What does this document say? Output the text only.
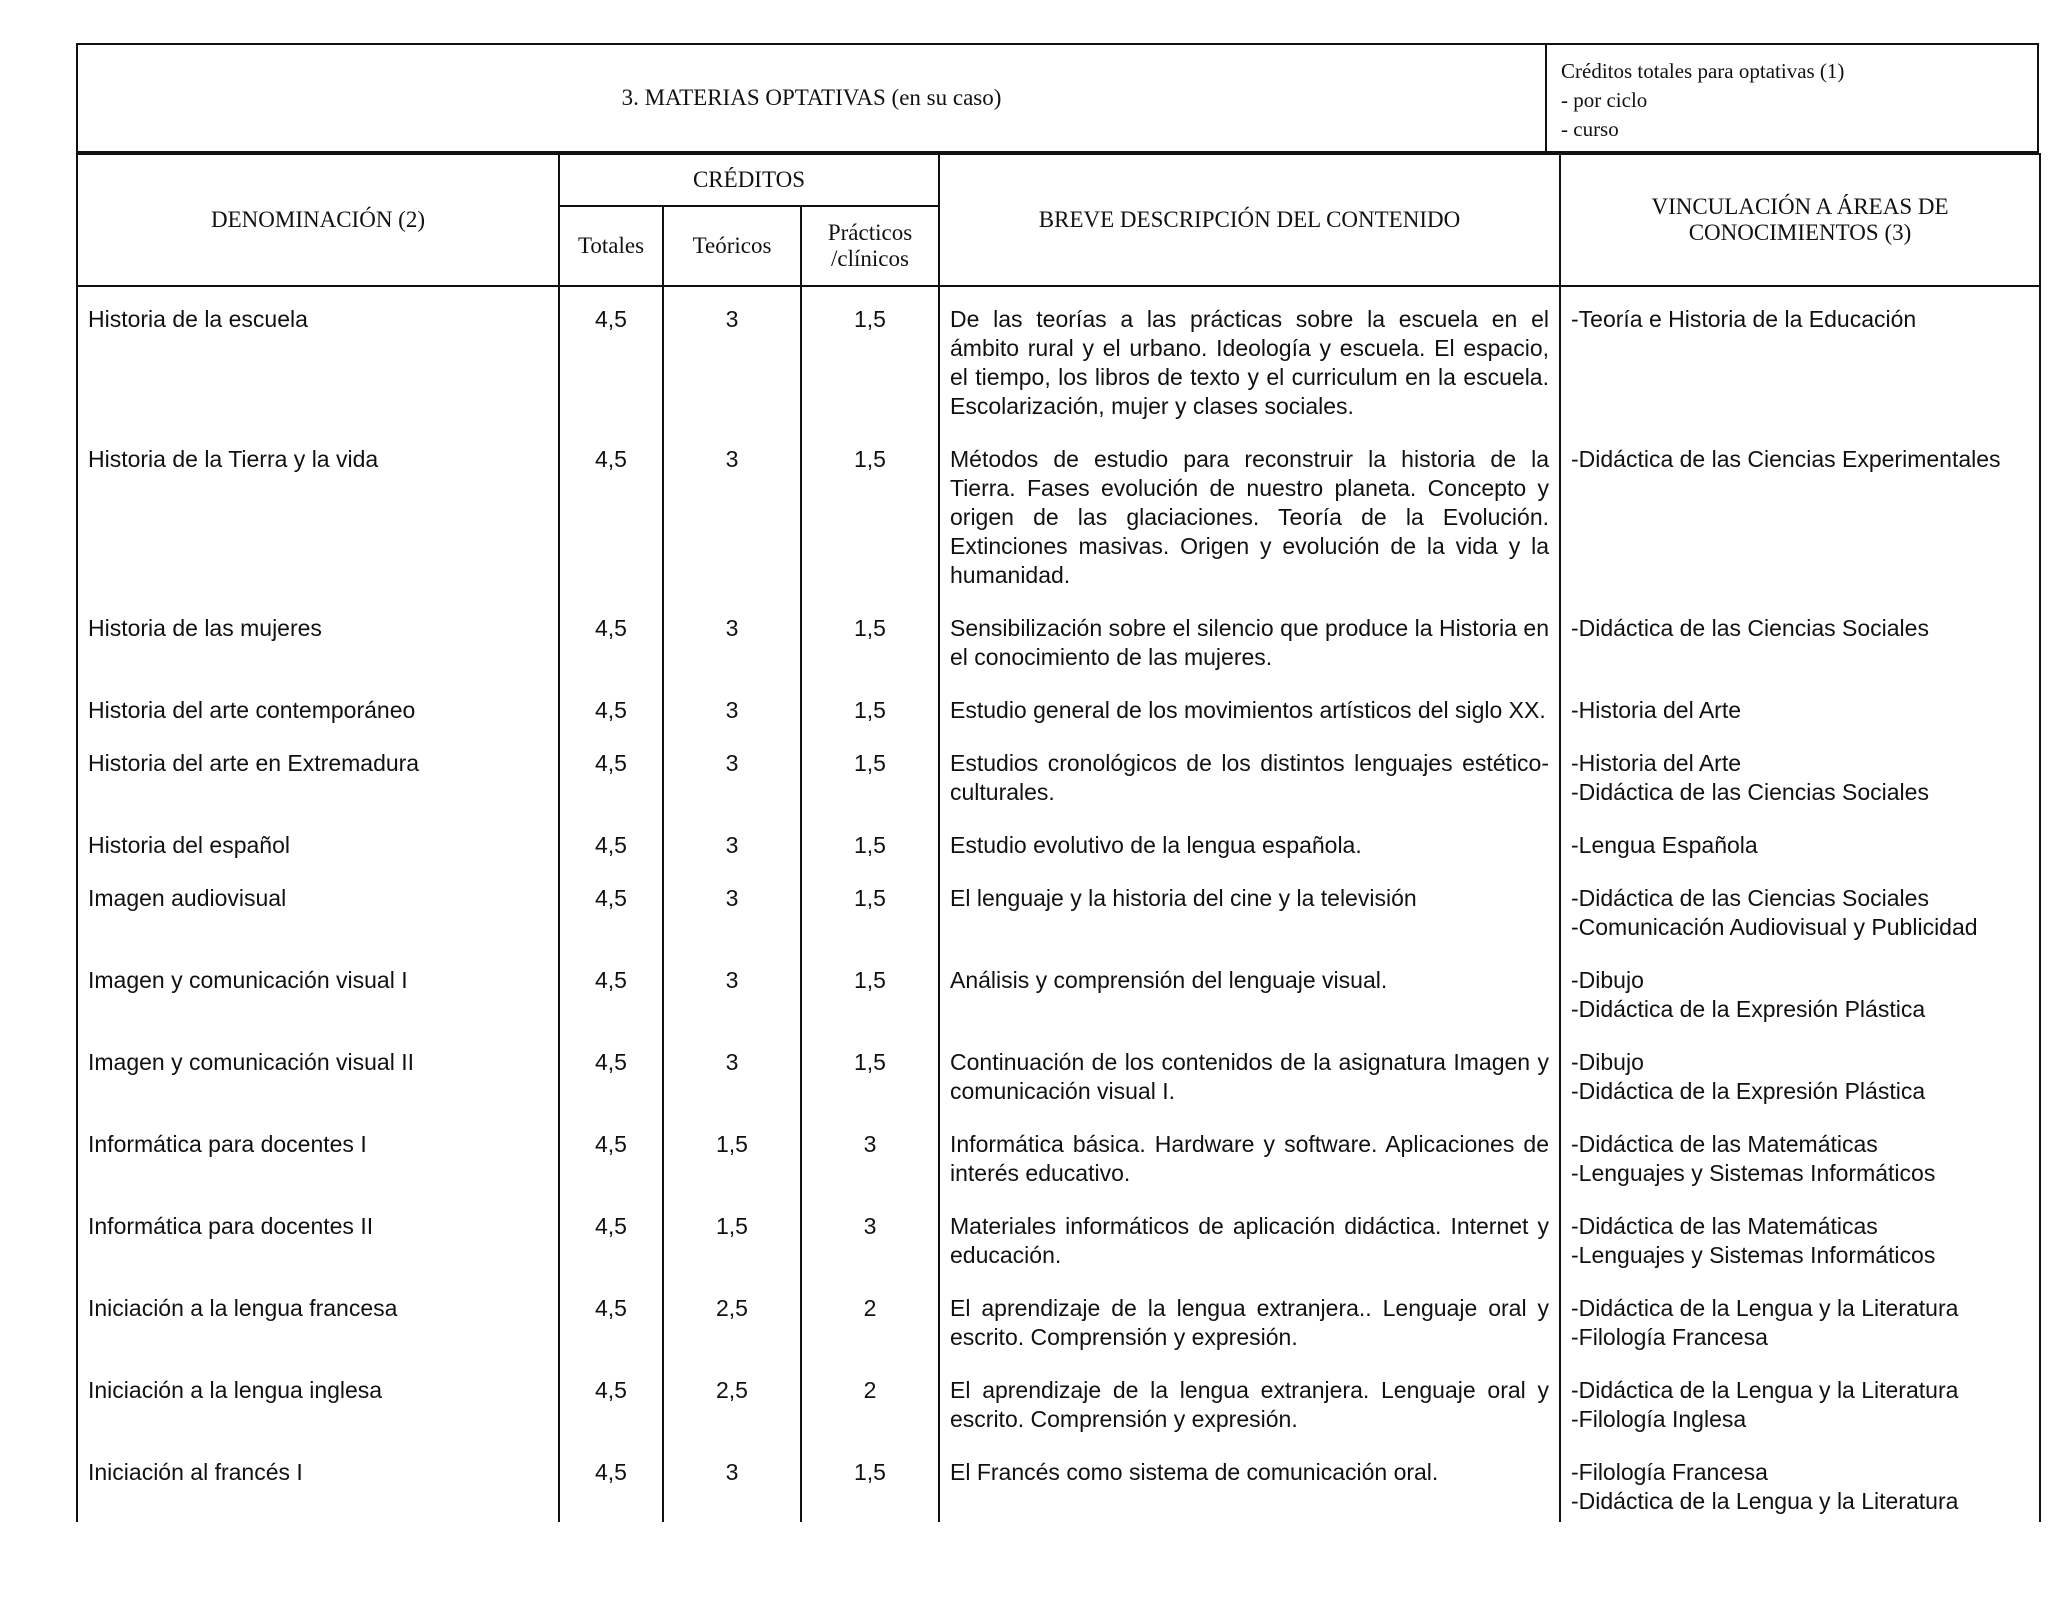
3. MATERIAS OPTATIVAS (en su caso)
Créditos totales para optativas (1)
- por ciclo
- curso
DENOMINACIÓN (2)	CRÉDITOS			BREVE DESCRIPCIÓN DEL CONTENIDO	VINCULACIÓN A ÁREAS DE CONOCIMIENTOS (3)
	Totales	Teóricos	Prácticos /clínicos		
Historia de la escuela	4,5	3	1,5	De las teorías a las prácticas sobre la escuela en el ámbito rural y el urbano. Ideología y escuela. El espacio, el tiempo, los libros de texto y el curriculum en la escuela. Escolarización, mujer y clases sociales.	-Teoría e Historia de la Educación

Historia de la Tierra y la vida	4,5	3	1,5	Métodos de estudio para reconstruir la historia de la Tierra. Fases evolución de nuestro planeta. Concepto y origen de las glaciaciones. Teoría de la Evolución. Extinciones masivas. Origen y evolución de la vida y la humanidad.	-Didáctica de las Ciencias Experimentales

Historia de las mujeres	4,5	3	1,5	Sensibilización sobre el silencio que produce la Historia en el conocimiento de las mujeres.	-Didáctica de las Ciencias Sociales

Historia del arte contemporáneo	4,5	3	1,5	Estudio general de los movimientos artísticos del siglo XX.	-Historia del Arte

Historia del arte en Extremadura	4,5	3	1,5	Estudios cronológicos de los distintos lenguajes estético-culturales.	-Historia del Arte
-Didáctica de las Ciencias Sociales

Historia del español	4,5	3	1,5	Estudio evolutivo de la lengua española.	-Lengua Española

Imagen audiovisual	4,5	3	1,5	El lenguaje y la historia del cine y la televisión	-Didáctica de las Ciencias Sociales
-Comunicación Audiovisual y Publicidad

Imagen y comunicación visual I	4,5	3	1,5	Análisis y comprensión del lenguaje visual.	-Dibujo
-Didáctica de la Expresión Plástica

Imagen y comunicación visual II	4,5	3	1,5	Continuación de los contenidos de la asignatura Imagen y comunicación visual I.	-Dibujo
-Didáctica de la Expresión Plástica

Informática para docentes I	4,5	1,5	3	Informática básica. Hardware y software. Aplicaciones de interés educativo.	-Didáctica de las Matemáticas
-Lenguajes y Sistemas Informáticos

Informática para docentes II	4,5	1,5	3	Materiales informáticos de aplicación didáctica. Internet y educación.	-Didáctica de las Matemáticas
-Lenguajes y Sistemas Informáticos

Iniciación a la lengua francesa	4,5	2,5	2	El aprendizaje de la lengua extranjera.. Lenguaje oral y escrito. Comprensión y expresión.	-Didáctica de la Lengua y la Literatura
-Filología Francesa

Iniciación a la lengua inglesa	4,5	2,5	2	El aprendizaje de la lengua extranjera. Lenguaje oral y escrito. Comprensión y expresión.	-Didáctica de la Lengua y la Literatura
-Filología Inglesa

Iniciación al francés I	4,5	3	1,5	El Francés como sistema de comunicación oral.	-Filología Francesa
-Didáctica de la Lengua y la Literatura
